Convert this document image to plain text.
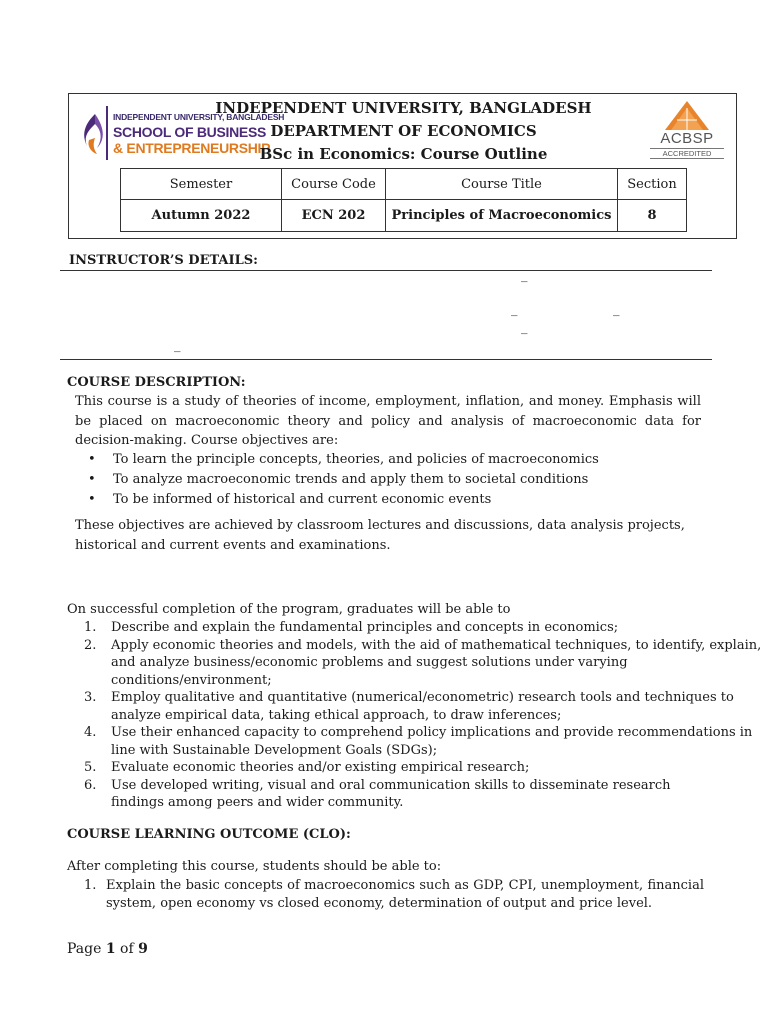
INDEPENDENT UNIVERSITY, BANGLADESH
SCHOOL OF BUSINESS
& ENTREPRENEURSHIP
INDEPENDENT UNIVERSITY, BANGLADESH
DEPARTMENT OF ECONOMICS
BSc in Economics: Course Outline
ACBSP
ACCREDITED
Semester	Course Code	Course Title	Section
Autumn 2022	ECN 202	Principles of Macroeconomics	8
INSTRUCTOR’S DETAILS:
_
_	_
_
_
COURSE DESCRIPTION:
This course is a study of theories of income, employment, inflation, and money. Emphasis will be placed on macroeconomic theory and policy and analysis of macroeconomic data for decision-making. Course objectives are:
• To learn the principle concepts, theories, and policies of macroeconomics
• To analyze macroeconomic trends and apply them to societal conditions
• To be informed of historical and current economic events
These objectives are achieved by classroom lectures and discussions, data analysis projects, historical and current events and examinations.
On successful completion of the program, graduates will be able to
1. Describe and explain the fundamental principles and concepts in economics;
2. Apply economic theories and models, with the aid of mathematical techniques, to identify, explain,
and analyze business/economic problems and suggest solutions under varying
conditions/environment;
3. Employ qualitative and quantitative (numerical/econometric) research tools and techniques to
analyze empirical data, taking ethical approach, to draw inferences;
4. Use their enhanced capacity to comprehend policy implications and provide recommendations in
line with Sustainable Development Goals (SDGs);
5. Evaluate economic theories and/or existing empirical research;
6. Use developed writing, visual and oral communication skills to disseminate research
findings among peers and wider community.
COURSE LEARNING OUTCOME (CLO):
After completing this course, students should be able to:
1. Explain the basic concepts of macroeconomics such as GDP, CPI, unemployment, financial system, open economy vs closed economy, determination of output and price level.
Page 1 of 9
